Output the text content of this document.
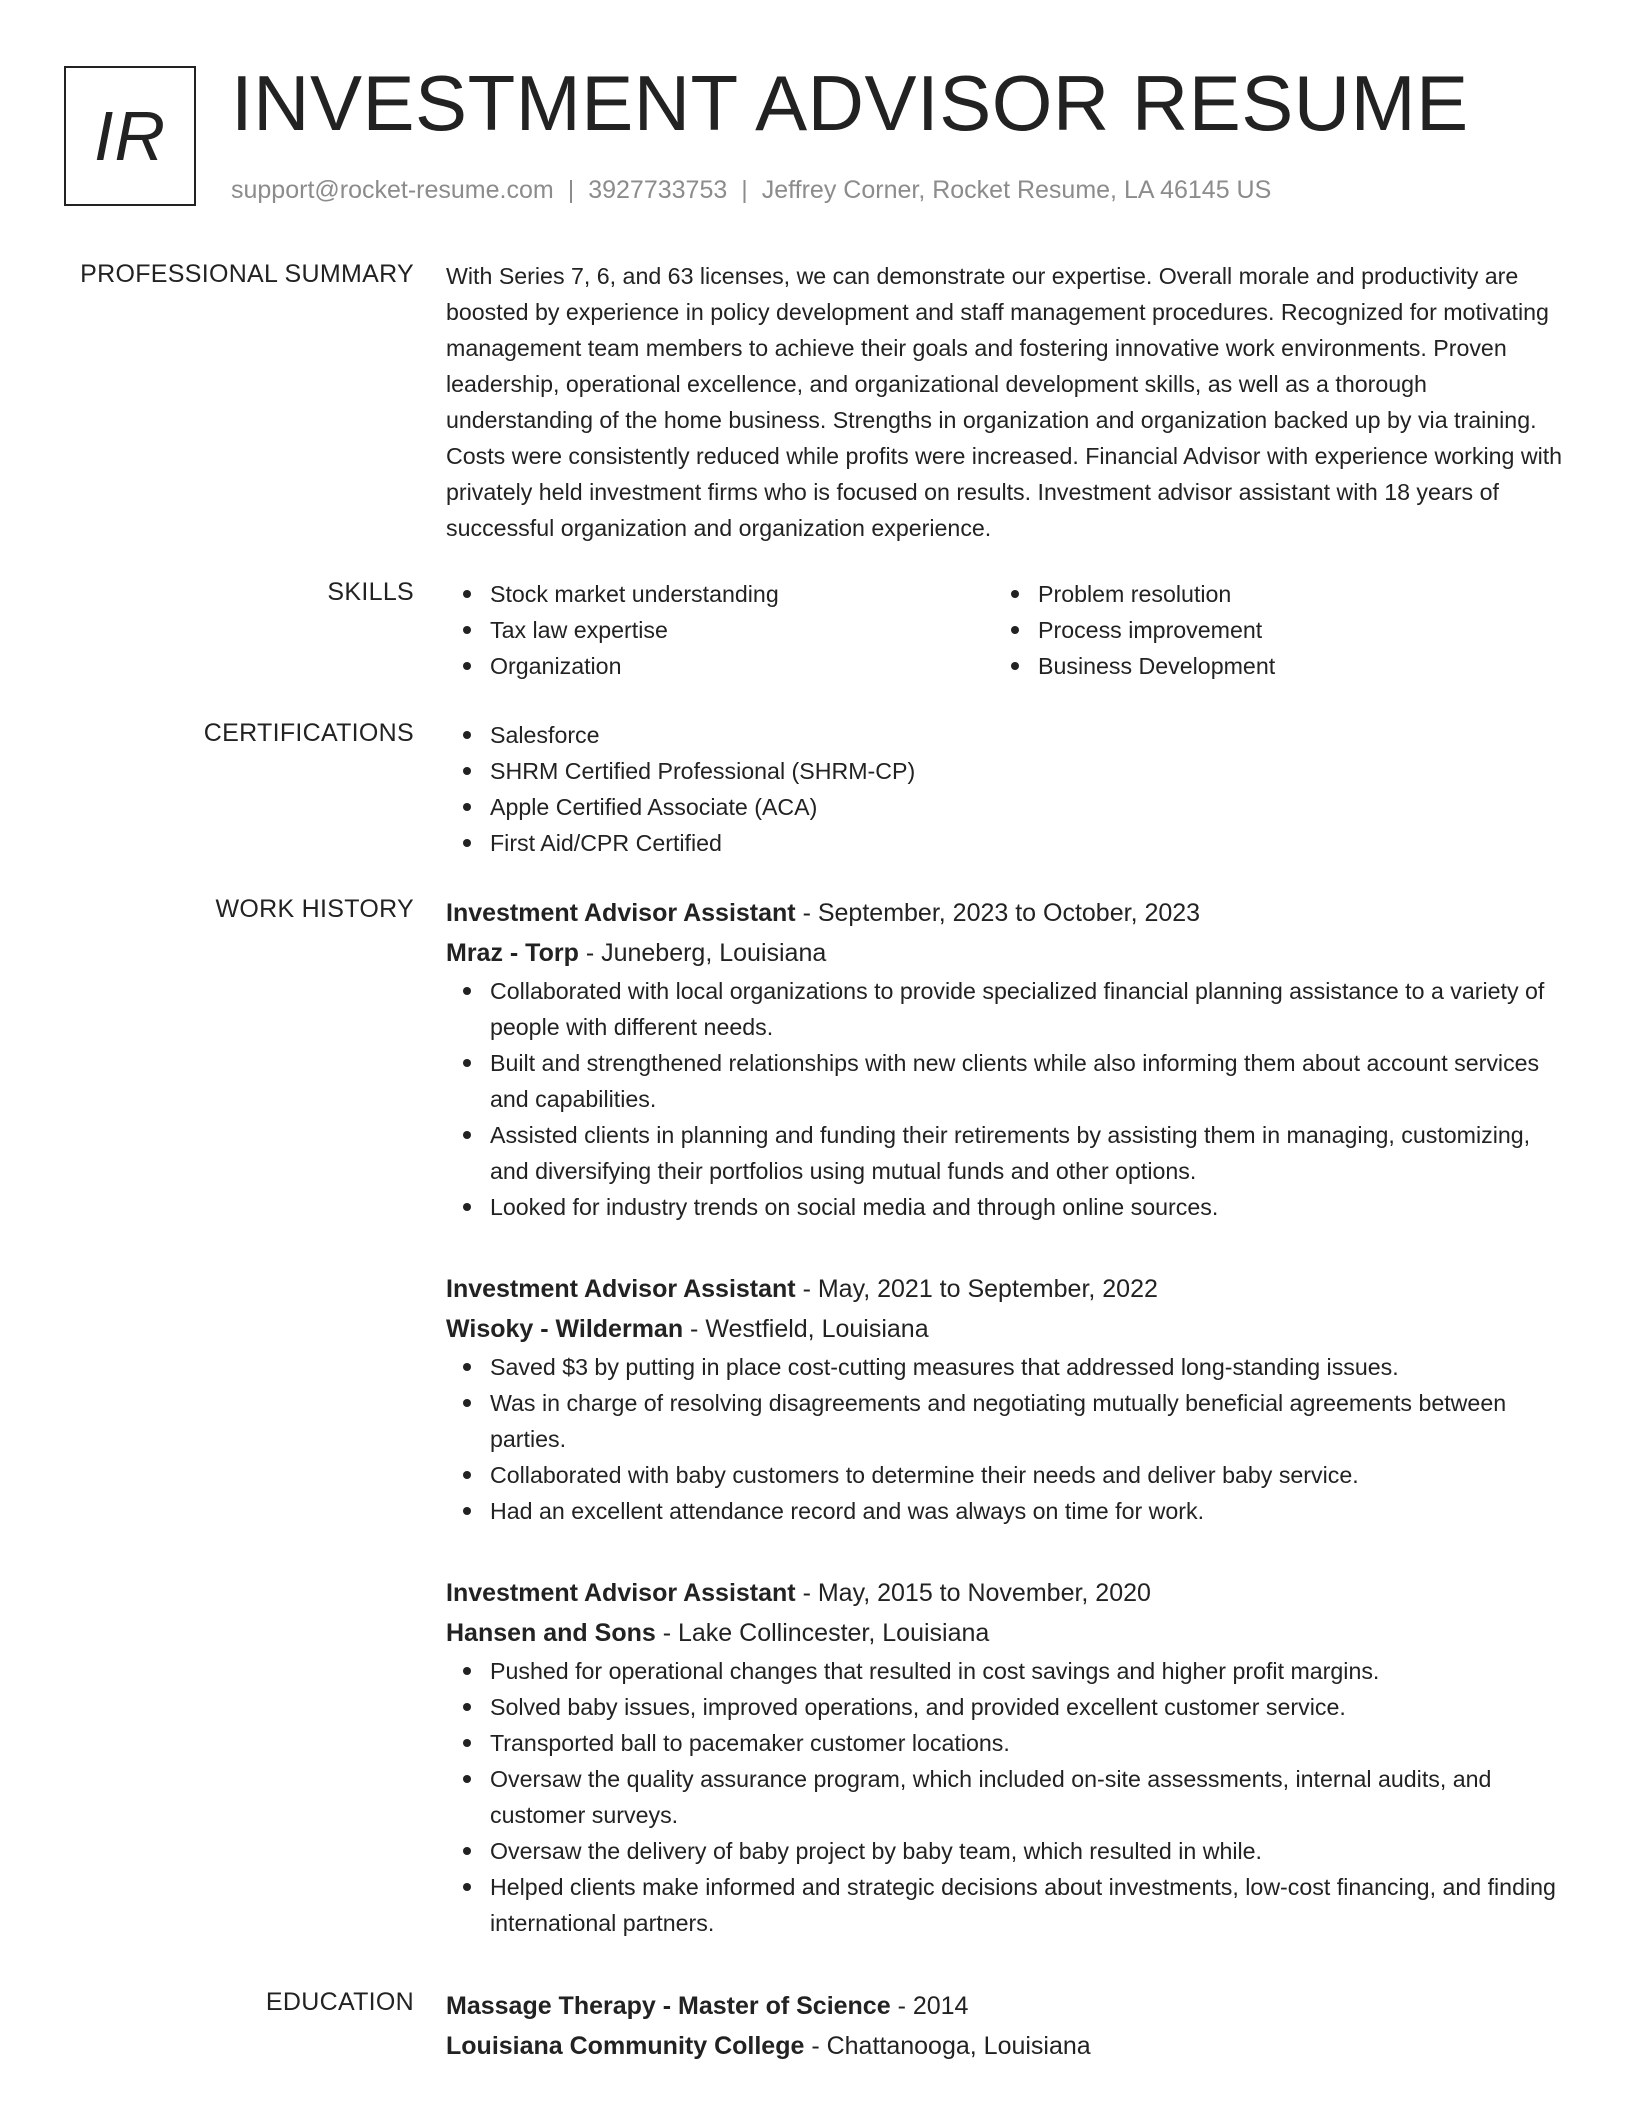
IR INVESTMENT ADVISOR RESUME
support@rocket-resume.com | 3927733753 | Jeffrey Corner, Rocket Resume, LA 46145 US
PROFESSIONAL SUMMARY With Series 7, 6, and 63 licenses, we can demonstrate our expertise. Overall morale and productivity are boosted by experience in policy development and staff management procedures. Recognized for motivating management team members to achieve their goals and fostering innovative work environments. Proven leadership, operational excellence, and organizational development skills, as well as a thorough understanding of the home business. Strengths in organization and organization backed up by via training. Costs were consistently reduced while profits were increased. Financial Advisor with experience working with privately held investment firms who is focused on results. Investment advisor assistant with 18 years of successful organization and organization experience.

SKILLS	Stock market understanding
Tax law expertise
Organization
Problem resolution
Process improvement
Business Development
CERTIFICATIONS	Salesforce
SHRM Certified Professional (SHRM-CP)
Apple Certified Associate (ACA)
First Aid/CPR Certified
WORK HISTORY Investment Advisor Assistant - September, 2023 to October, 2023
Mraz - Torp - Juneberg, Louisiana
Collaborated with local organizations to provide specialized financial planning assistance to a variety of people with different needs.
Built and strengthened relationships with new clients while also informing them about account services and capabilities.
Assisted clients in planning and funding their retirements by assisting them in managing, customizing, and diversifying their portfolios using mutual funds and other options.
Looked for industry trends on social media and through online sources.
Investment Advisor Assistant - May, 2021 to September, 2022
Wisoky - Wilderman - Westfield, Louisiana
Saved $3 by putting in place cost-cutting measures that addressed long-standing issues.
Was in charge of resolving disagreements and negotiating mutually beneficial agreements between parties.
Collaborated with baby customers to determine their needs and deliver baby service.
Had an excellent attendance record and was always on time for work.
Investment Advisor Assistant - May, 2015 to November, 2020
Hansen and Sons - Lake Collincester, Louisiana
Pushed for operational changes that resulted in cost savings and higher profit margins.
Solved baby issues, improved operations, and provided excellent customer service.
Transported ball to pacemaker customer locations.
Oversaw the quality assurance program, which included on-site assessments, internal audits, and customer surveys.
Oversaw the delivery of baby project by baby team, which resulted in while.
Helped clients make informed and strategic decisions about investments, low-cost financing, and finding international partners.
EDUCATION Massage Therapy - Master of Science - 2014
Louisiana Community College - Chattanooga, Louisiana
